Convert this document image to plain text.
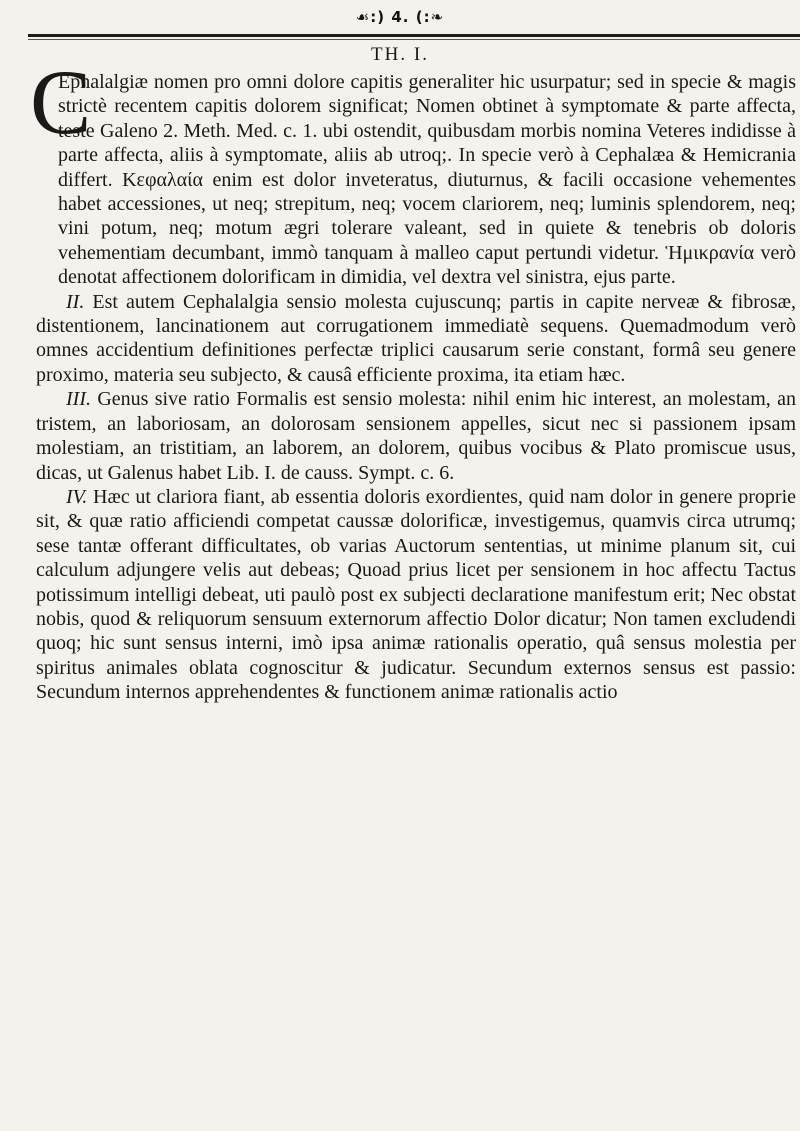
☙:) 4. (:❧
TH. I.
C

Ephalalgiæ nomen pro omni dolore capitis generaliter hic usurpatur; sed in specie & magis strictè recentem capitis dolorem significat; Nomen obtinet à symptomate & parte affecta, teste Galeno 2. Meth. Med. c. 1. ubi ostendit, quibusdam morbis nomina Veteres indidisse à parte affecta, aliis à symptomate, aliis ab utroq;. In specie verò à Cephalæa & Hemicrania differt. Κεφαλαία enim est dolor inveteratus, diuturnus, & facili occasione vehementes habet accessiones, ut neq; strepitum, neq; vocem clariorem, neq; luminis splendorem, neq; vini potum, neq; motum ægri tolerare valeant, sed in quiete & tenebris ob doloris vehementiam decumbant, immò tanquam à malleo caput pertundi videtur. Ἡμικρανία verò denotat affectionem dolorificam in dimidia, vel dextra vel sinistra, ejus parte.

II. Est autem Cephalalgia sensio molesta cujuscunq; partis in capite nerveæ & fibrosæ, distentionem, lancinationem aut corrugationem immediatè sequens. Quemadmodum verò omnes accidentium definitiones perfectæ triplici causarum serie constant, formâ seu genere proximo, materia seu subjecto, & causâ efficiente proxima, ita etiam hæc.

III. Genus sive ratio Formalis est sensio molesta: nihil enim hic interest, an molestam, an tristem, an laboriosam, an dolorosam sensionem appelles, sicut nec si passionem ipsam molestiam, an tristitiam, an laborem, an dolorem, quibus vocibus & Plato promiscue usus, dicas, ut Galenus habet Lib. I. de causs. Sympt. c. 6.

IV. Hæc ut clariora fiant, ab essentia doloris exordientes, quid nam dolor in genere proprie sit, & quæ ratio afficiendi competat caussæ dolorificæ, investigemus, quamvis circa utrumq; sese tantæ offerant difficultates, ob varias Auctorum sententias, ut minime planum sit, cui calculum adjungere velis aut debeas; Quoad prius licet per sensionem in hoc affectu Tactus potissimum intelligi debeat, uti paulò post ex subjecti declaratione manifestum erit; Nec obstat nobis, quod & reliquorum sensuum externorum affectio Dolor dicatur; Non tamen excludendi quoq; hic sunt sensus interni, imò ipsa animæ rationalis operatio, quâ sensus molestia per spiritus animales oblata cognoscitur & judicatur. Secundum externos sensus est passio: Secundum internos apprehendentes & functionem animæ rationalis actio
